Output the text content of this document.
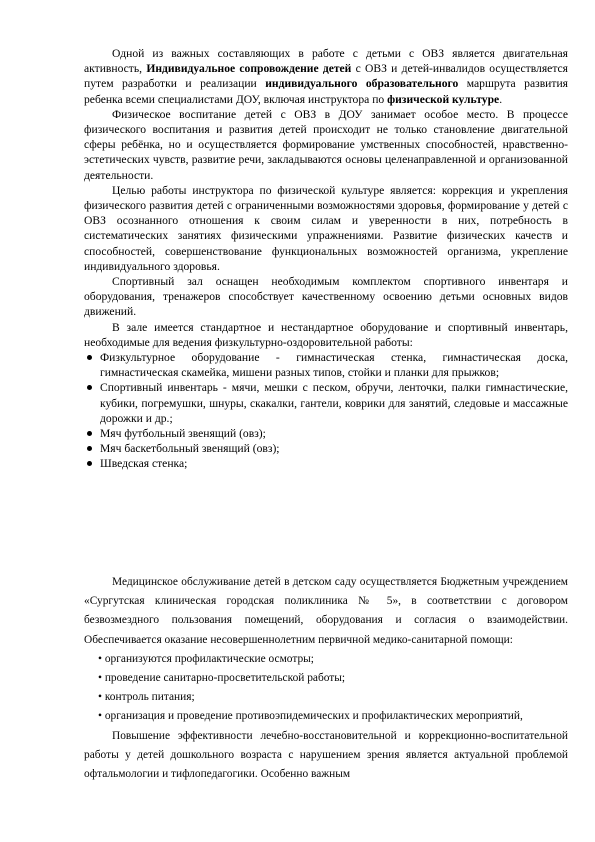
Одной из важных составляющих в работе с детьми с ОВЗ является двигательная активность, Индивидуальное сопровождение детей с ОВЗ и детей-инвалидов осуществляется путем разработки и реализации индивидуального образовательного маршрута развития ребенка всеми специалистами ДОУ, включая инструктора по физической культуре.

Физическое воспитание детей с ОВЗ в ДОУ занимает особое место. В процессе физического воспитания и развития детей происходит не только становление двигательной сферы ребёнка, но и осуществляется формирование умственных способностей, нравственно-эстетических чувств, развитие речи, закладываются основы целенаправленной и организованной деятельности.

Целью работы инструктора по физической культуре является: коррекция и укрепления физического развития детей с ограниченными возможностями здоровья, формирование у детей с ОВЗ осознанного отношения к своим силам и уверенности в них, потребность в систематических занятиях физическими упражнениями. Развитие физических качеств и способностей, совершенствование функциональных возможностей организма, укрепление индивидуального здоровья.

Спортивный зал оснащен необходимым комплектом спортивного инвентаря и оборудования, тренажеров способствует качественному освоению детьми основных видов движений.

В зале имеется стандартное и нестандартное оборудование и спортивный инвентарь, необходимые для ведения физкультурно-оздоровительной работы:

Физкультурное оборудование - гимнастическая стенка, гимнастическая доска, гимнастическая скамейка, мишени разных типов, стойки и планки для прыжков;
Спортивный инвентарь - мячи, мешки с песком, обручи, ленточки, палки гимнастические, кубики, погремушки, шнуры, скакалки, гантели, коврики для занятий, следовые и массажные дорожки и др.;
Мяч футбольный звенящий (овз);
Мяч баскетбольный звенящий (овз);
Шведская стенка;

Медицинское обслуживание детей в детском саду осуществляется Бюджетным учреждением «Сургутская клиническая городская поликлиника № 5», в соответствии с договором безвозмездного пользования помещений, оборудования и согласия о взаимодействии. Обеспечивается оказание несовершеннолетним первичной медико-санитарной помощи:

• организуются профилактические осмотры;

• проведение санитарно-просветительской работы;

• контроль питания;

• организация и проведение противоэпидемических и профилактических мероприятий,

Повышение эффективности лечебно-восстановительной и коррекционно-воспитательной работы у детей дошкольного возраста с нарушением зрения является актуальной проблемой офтальмологии и тифлопедагогики. Особенно важным
